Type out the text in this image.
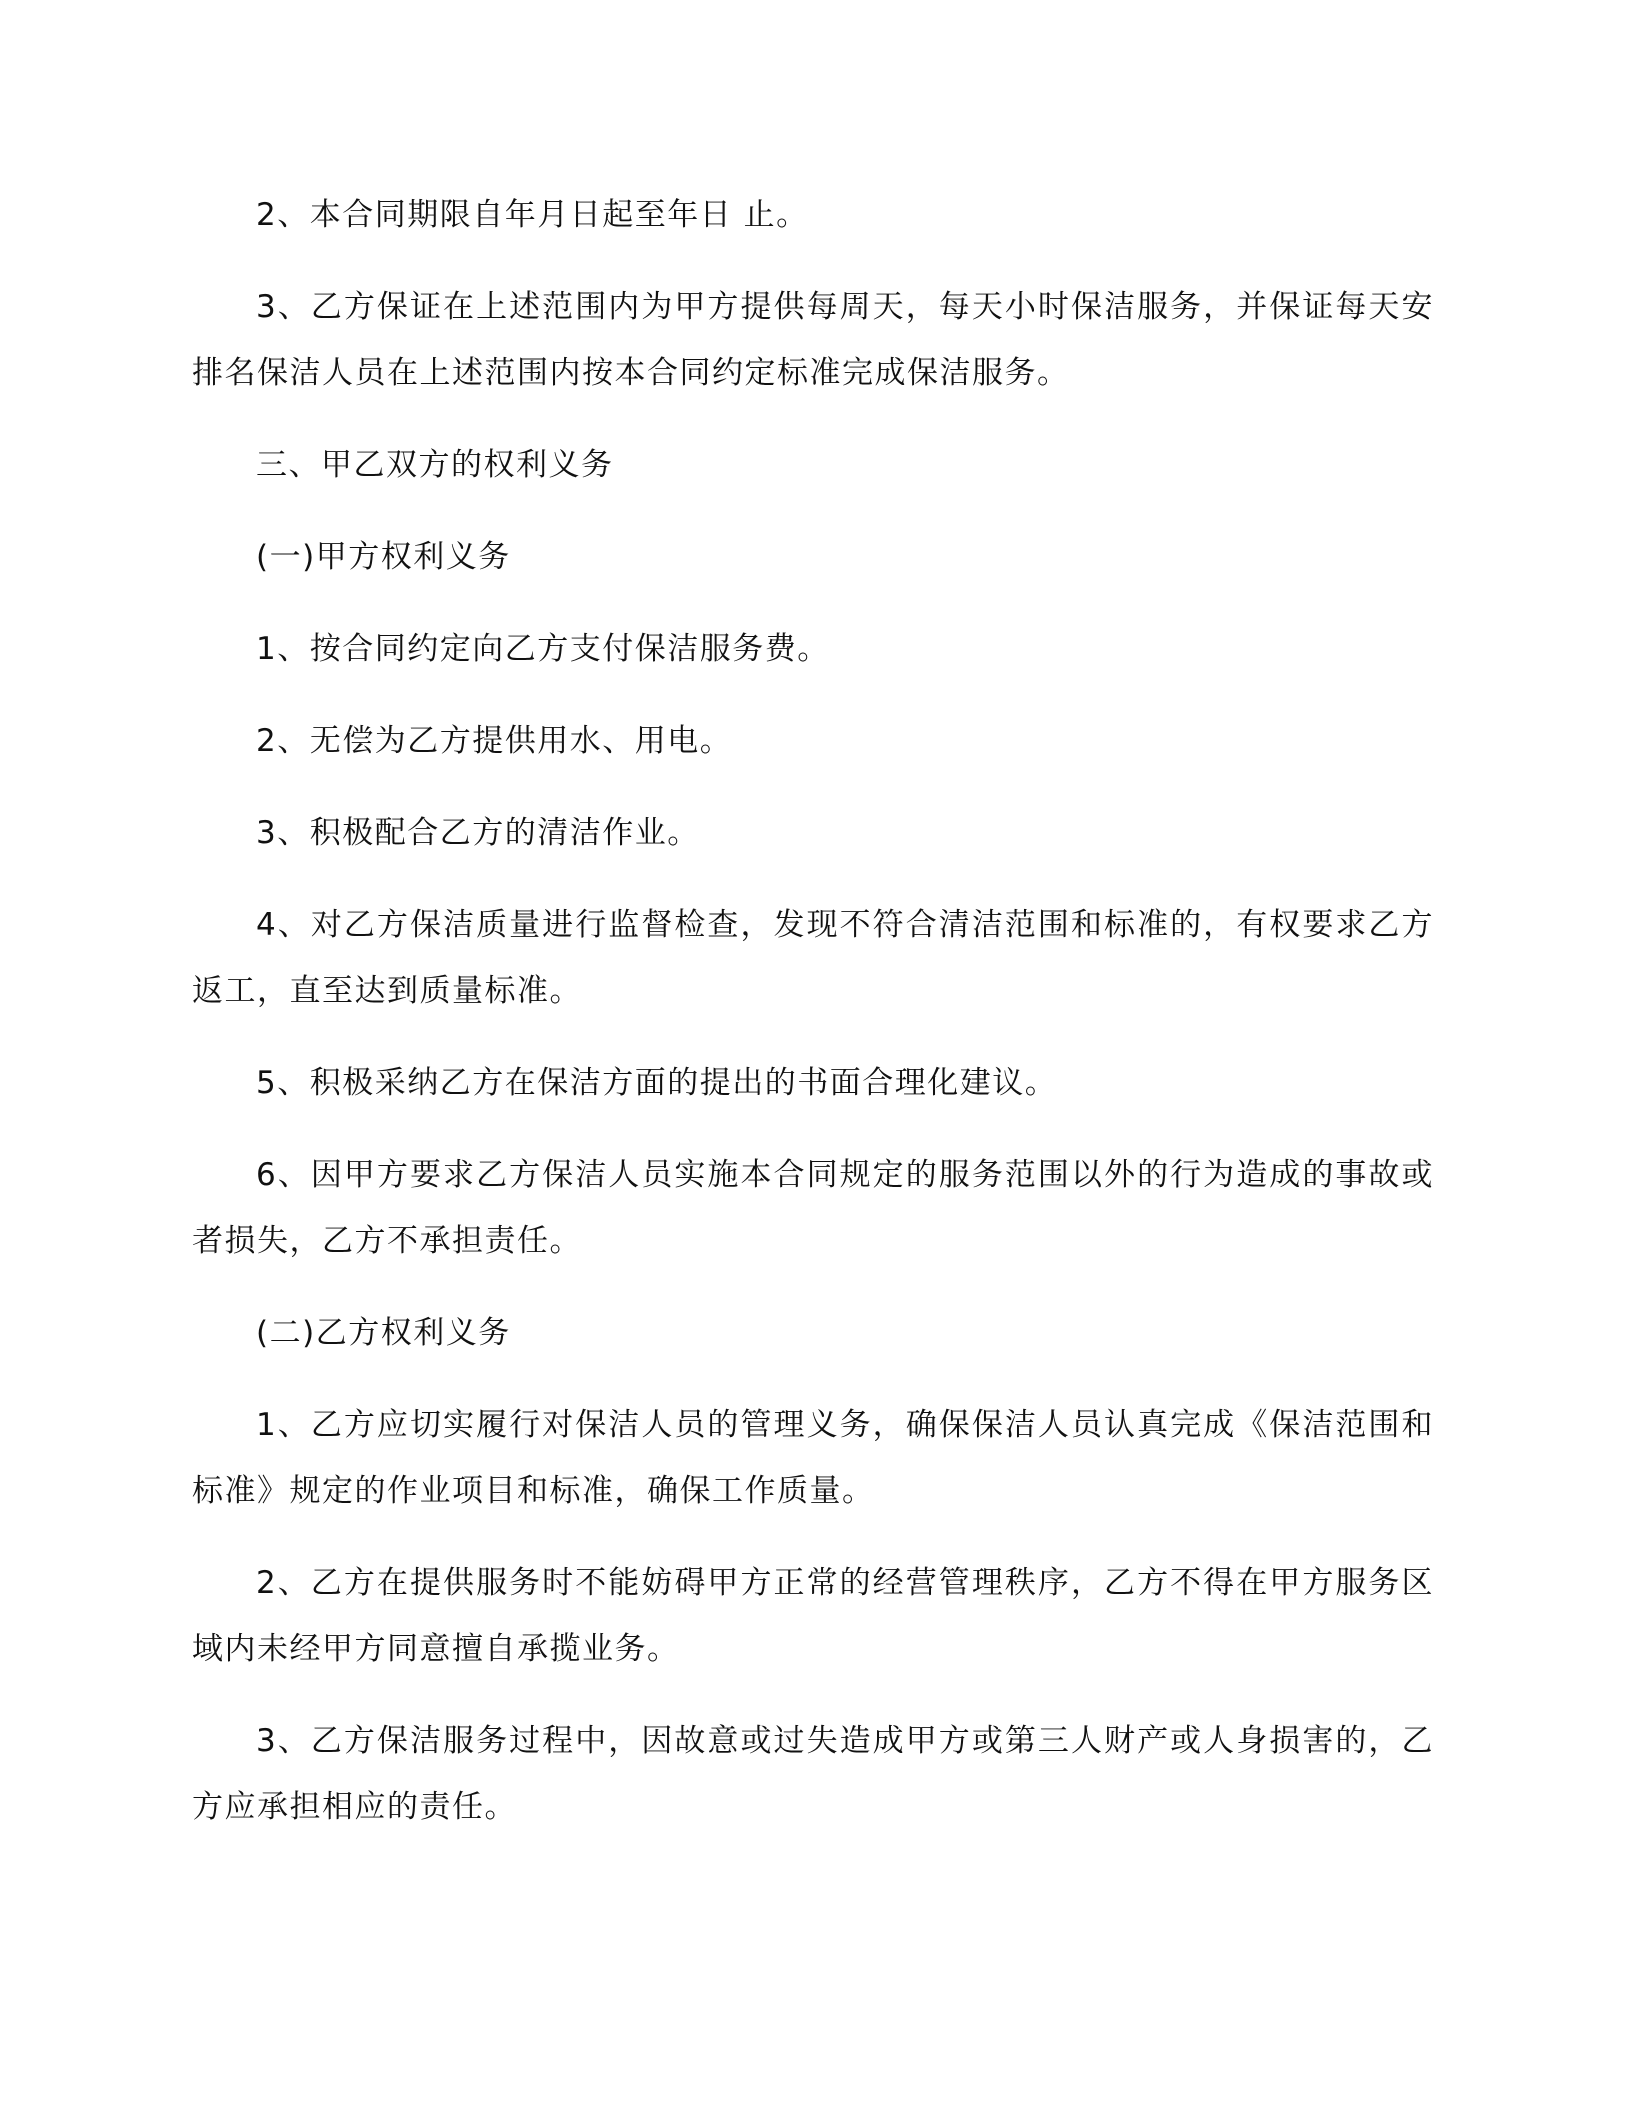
2、本合同期限自年月日起至年日 止。

3、乙方保证在上述范围内为甲方提供每周天，每天小时保洁服务，并保证每天安排名保洁人员在上述范围内按本合同约定标准完成保洁服务。

三、甲乙双方的权利义务

(一)甲方权利义务

1、按合同约定向乙方支付保洁服务费。

2、无偿为乙方提供用水、用电。

3、积极配合乙方的清洁作业。

4、对乙方保洁质量进行监督检查，发现不符合清洁范围和标准的，有权要求乙方返工，直至达到质量标准。

5、积极采纳乙方在保洁方面的提出的书面合理化建议。

6、因甲方要求乙方保洁人员实施本合同规定的服务范围以外的行为造成的事故或者损失，乙方不承担责任。

(二)乙方权利义务

1、乙方应切实履行对保洁人员的管理义务，确保保洁人员认真完成《保洁范围和标准》规定的作业项目和标准，确保工作质量。

2、乙方在提供服务时不能妨碍甲方正常的经营管理秩序，乙方不得在甲方服务区域内未经甲方同意擅自承揽业务。

3、乙方保洁服务过程中，因故意或过失造成甲方或第三人财产或人身损害的，乙方应承担相应的责任。
